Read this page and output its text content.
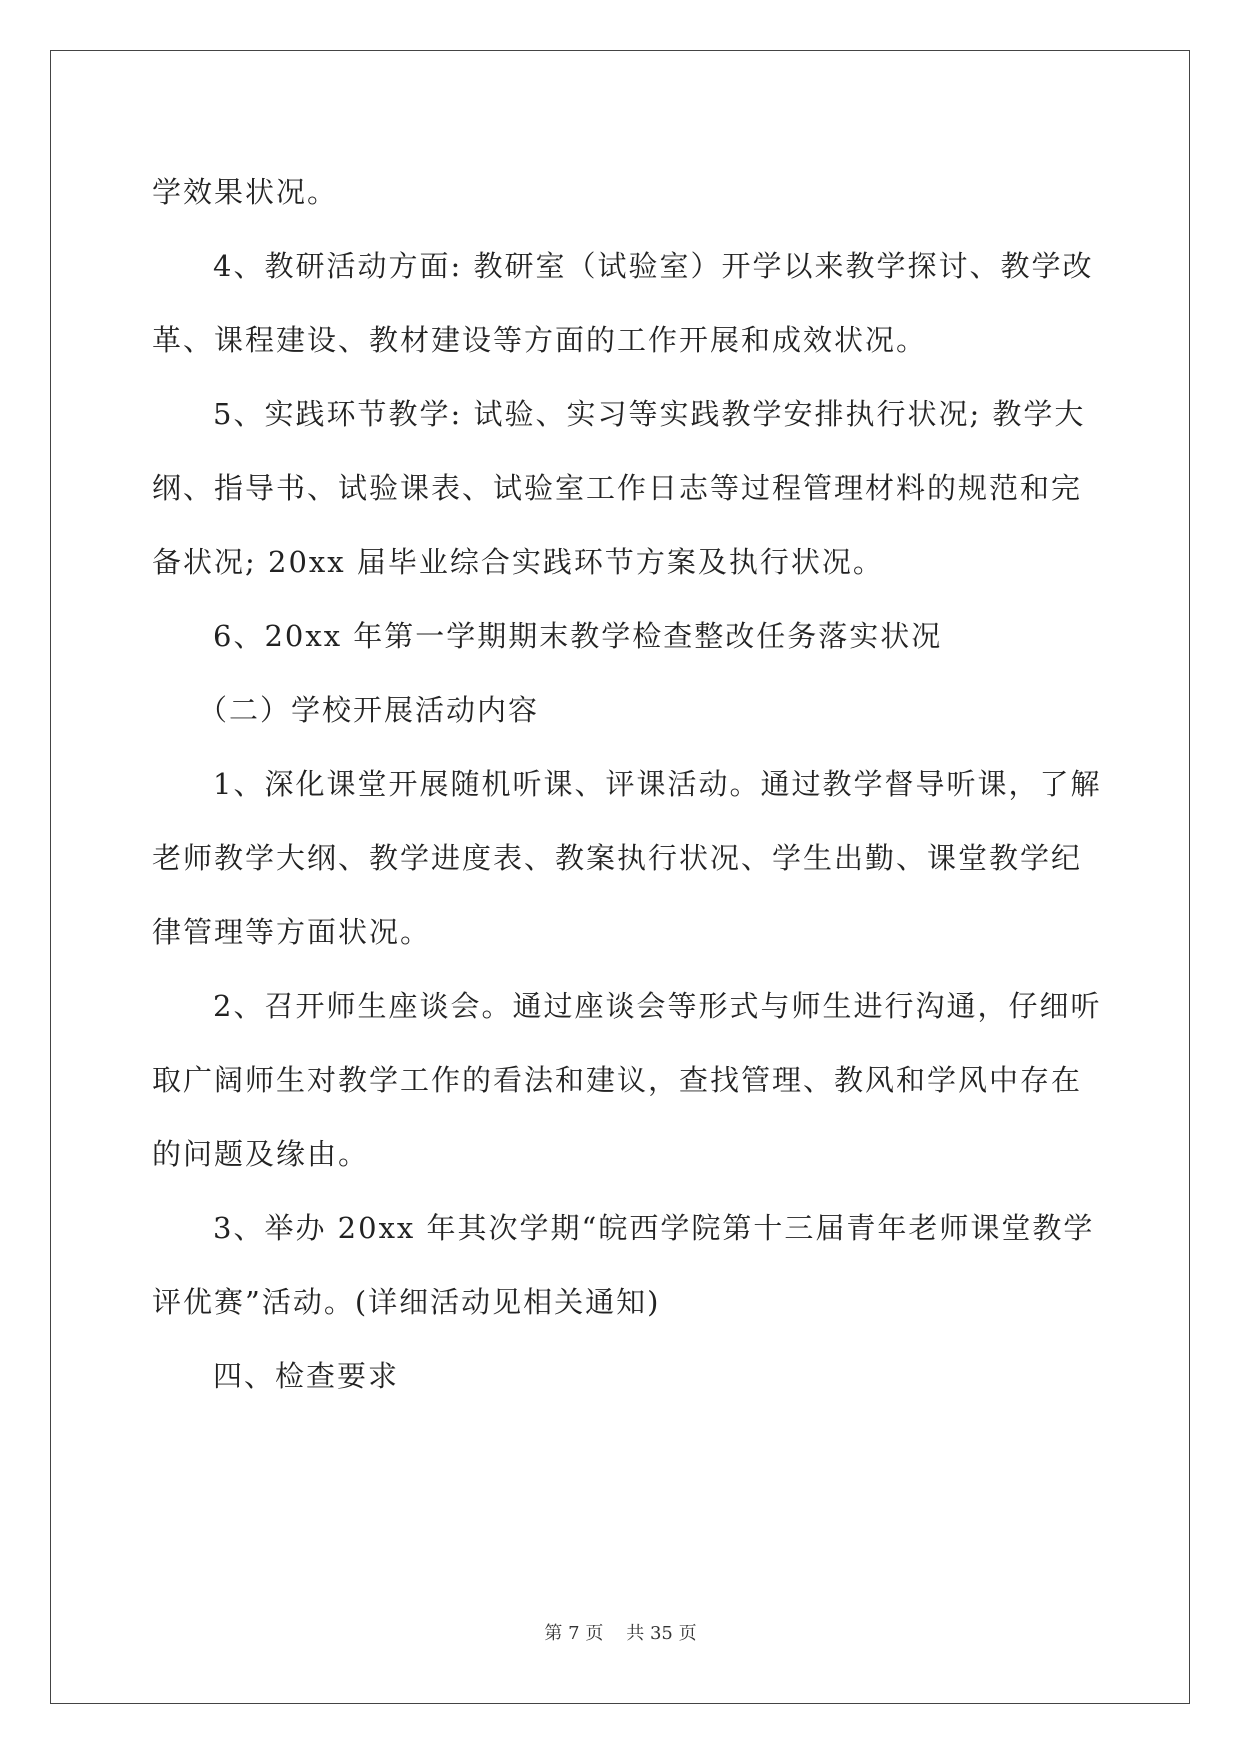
学效果状况。
4、教研活动方面: 教研室（试验室）开学以来教学探讨、教学改
革、课程建设、教材建设等方面的工作开展和成效状况。
5、实践环节教学: 试验、实习等实践教学安排执行状况; 教学大
纲、指导书、试验课表、试验室工作日志等过程管理材料的规范和完
备状况; 20xx 届毕业综合实践环节方案及执行状况。
6、20xx 年第一学期期末教学检查整改任务落实状况
（二）学校开展活动内容
1、深化课堂开展随机听课、评课活动。通过教学督导听课，了解
老师教学大纲、教学进度表、教案执行状况、学生出勤、课堂教学纪
律管理等方面状况。
2、召开师生座谈会。通过座谈会等形式与师生进行沟通，仔细听
取广阔师生对教学工作的看法和建议，查找管理、教风和学风中存在
的问题及缘由。
3、举办 20xx 年其次学期“皖西学院第十三届青年老师课堂教学
评优赛”活动。(详细活动见相关通知)
四、检查要求
第 7 页 共 35 页
